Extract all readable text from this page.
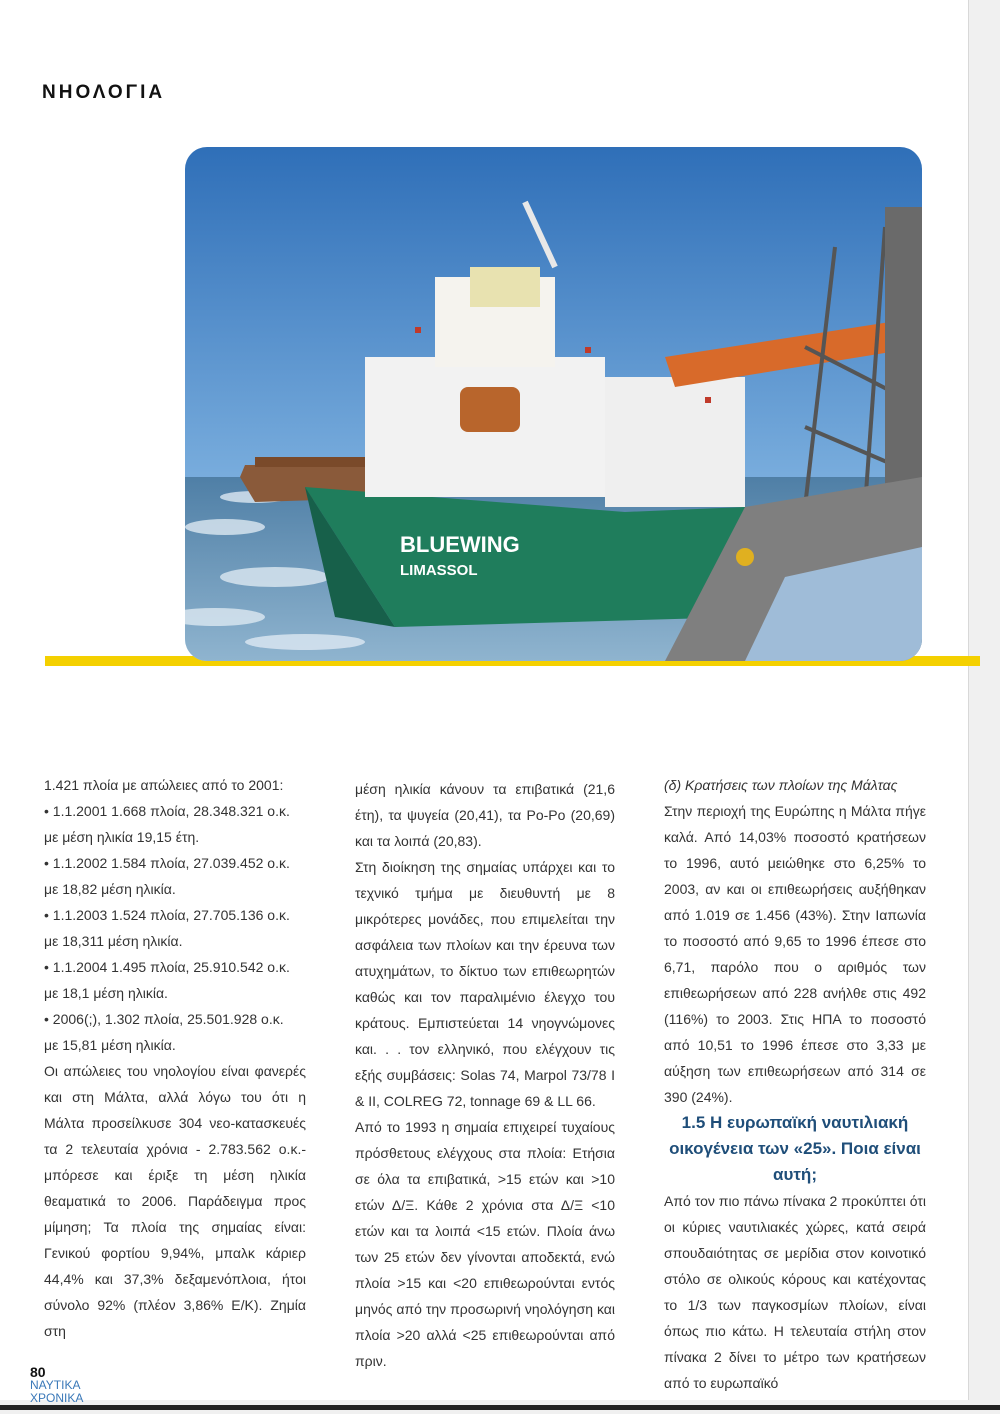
ΝΗΟΛΟΓΙΑ
BLUEWING
LIMASSOL

1.421 πλοία με απώλειες από το 2001:

• 1.1.2001 1.668 πλοία, 28.348.321 ο.κ.

με μέση ηλικία 19,15 έτη.

• 1.1.2002 1.584 πλοία, 27.039.452 ο.κ.

με 18,82 μέση ηλικία.

• 1.1.2003 1.524 πλοία, 27.705.136 ο.κ.

με 18,311 μέση ηλικία.

• 1.1.2004 1.495 πλοία, 25.910.542 ο.κ.

με 18,1 μέση ηλικία.

• 2006(;), 1.302 πλοία, 25.501.928 ο.κ.

με 15,81 μέση ηλικία.

Οι απώλειες του νηολογίου είναι φανερές και στη Μάλτα, αλλά λόγω του ότι η Μάλτα προσείλκυσε 304 νεο-κατασκευές τα 2 τελευταία χρόνια - 2.783.562 ο.κ.- μπόρεσε και έριξε τη μέση ηλικία θεαματικά το 2006. Παράδειγμα προς μίμηση; Τα πλοία της σημαίας είναι: Γενικού φορτίου 9,94%, μπαλκ κάριερ 44,4% και 37,3% δεξαμενόπλοια, ήτοι σύνολο 92% (πλέον 3,86% Ε/Κ). Ζημία στη

μέση ηλικία κάνουν τα επιβατικά (21,6 έτη), τα ψυγεία (20,41), τα Ρο-Ρο (20,69) και τα λοιπά (20,83).

Στη διοίκηση της σημαίας υπάρχει και το τεχνικό τμήμα με διευθυντή με 8 μικρότερες μονάδες, που επιμελείται την ασφάλεια των πλοίων και την έρευνα των ατυχημάτων, το δίκτυο των επιθεωρητών καθώς και τον παραλιμένιο έλεγχο του κράτους. Εμπιστεύεται 14 νηογνώμονες και. . . τον ελληνικό, που ελέγχουν τις εξής συμβάσεις: Solas 74, Marpol 73/78 I & II, COLREG 72, tonnage 69 & LL 66.

Από το 1993 η σημαία επιχειρεί τυχαίους πρόσθετους ελέγχους στα πλοία: Ετήσια σε όλα τα επιβατικά, >15 ετών και >10 ετών Δ/Ξ. Κάθε 2 χρόνια στα Δ/Ξ <10 ετών και τα λοιπά <15 ετών. Πλοία άνω των 25 ετών δεν γίνονται αποδεκτά, ενώ πλοία >15 και <20 επιθεωρούνται εντός μηνός από την προσωρινή νηολόγηση και πλοία >20 αλλά <25 επιθεωρούνται από πριν.

(δ) Κρατήσεις των πλοίων της Μάλτας

Στην περιοχή της Ευρώπης η Μάλτα πήγε καλά. Από 14,03% ποσοστό κρατήσεων το 1996, αυτό μειώθηκε στο 6,25% το 2003, αν και οι επιθεωρήσεις αυξήθηκαν από 1.019 σε 1.456 (43%). Στην Ιαπωνία το ποσοστό από 9,65 το 1996 έπεσε στο 6,71, παρόλο που ο αριθμός των επιθεωρήσεων από 228 ανήλθε στις 492 (116%) το 2003. Στις ΗΠΑ το ποσοστό από 10,51 το 1996 έπεσε στο 3,33 με αύξηση των επιθεωρήσεων από 314 σε 390 (24%).

1.5 Η ευρωπαϊκή ναυτιλιακή οικογένεια των «25». Ποια είναι αυτή;

Από τον πιο πάνω πίνακα 2 προκύπτει ότι οι κύριες ναυτιλιακές χώρες, κατά σειρά σπουδαιότητας σε μερίδια στον κοινοτικό στόλο σε ολικούς κόρους και κατέχοντας το 1/3 των παγκοσμίων πλοίων, είναι όπως πιο κάτω. Η τελευταία στήλη στον πίνακα 2 δίνει το μέτρο των κρατήσεων από το ευρωπαϊκό

80
ΝΑΥΤΙΚΑ
ΧΡΟΝΙΚΑ
